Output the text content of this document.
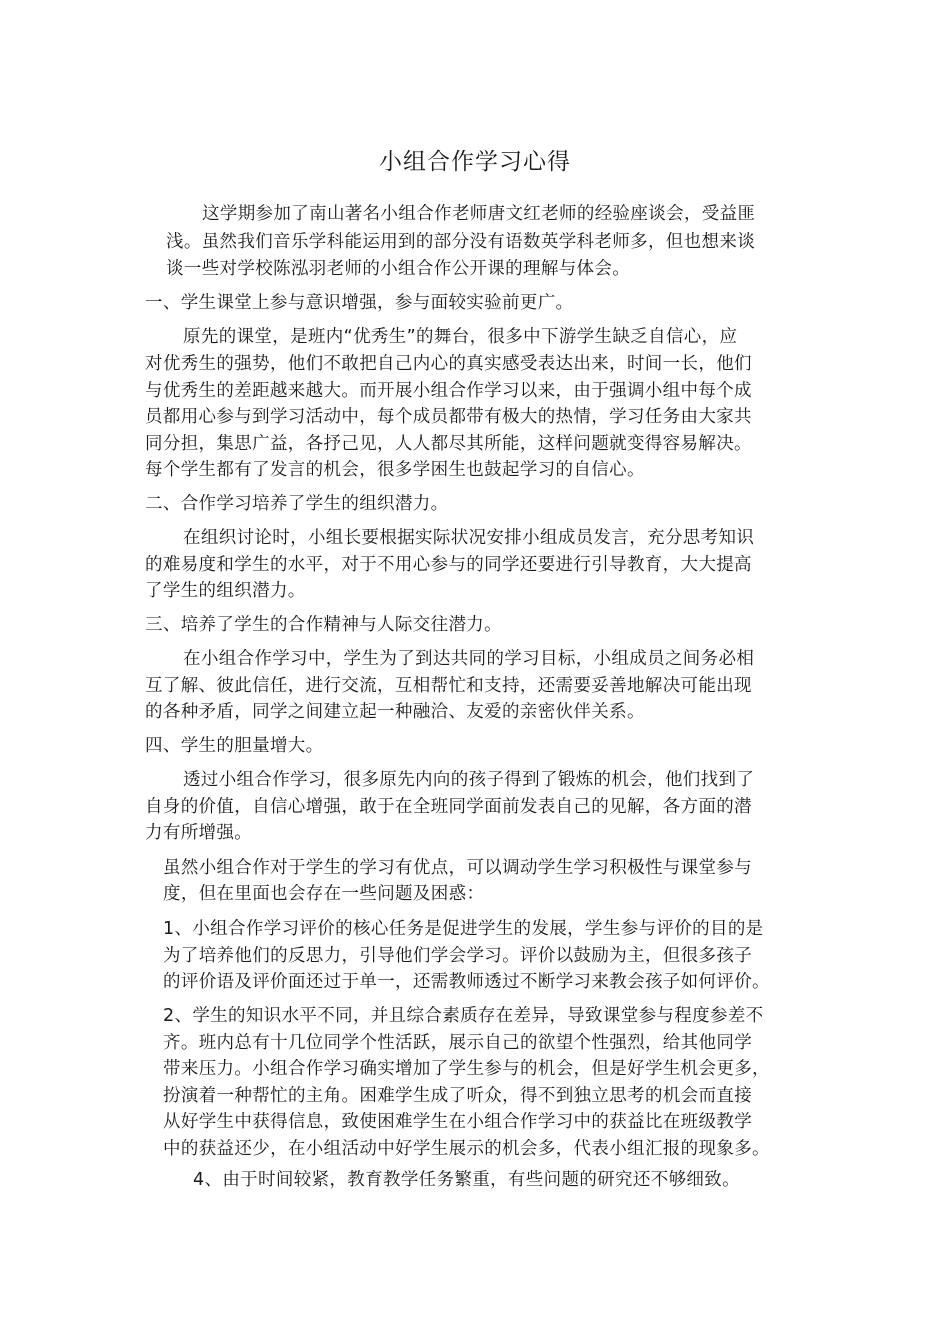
小组合作学习心得
这学期参加了南山著名小组合作老师唐文红老师的经验座谈会，受益匪
浅。虽然我们音乐学科能运用到的部分没有语数英学科老师多，但也想来谈
谈一些对学校陈泓羽老师的小组合作公开课的理解与体会。
一、学生课堂上参与意识增强，参与面较实验前更广。
原先的课堂，是班内“优秀生”的舞台，很多中下游学生缺乏自信心，应
对优秀生的强势，他们不敢把自己内心的真实感受表达出来，时间一长，他们
与优秀生的差距越来越大。而开展小组合作学习以来，由于强调小组中每个成
员都用心参与到学习活动中，每个成员都带有极大的热情，学习任务由大家共
同分担，集思广益，各抒己见，人人都尽其所能，这样问题就变得容易解决。
每个学生都有了发言的机会，很多学困生也鼓起学习的自信心。
二、合作学习培养了学生的组织潜力。
在组织讨论时，小组长要根据实际状况安排小组成员发言，充分思考知识
的难易度和学生的水平，对于不用心参与的同学还要进行引导教育，大大提高
了学生的组织潜力。
三、培养了学生的合作精神与人际交往潜力。
在小组合作学习中，学生为了到达共同的学习目标，小组成员之间务必相
互了解、彼此信任，进行交流，互相帮忙和支持，还需要妥善地解决可能出现
的各种矛盾，同学之间建立起一种融洽、友爱的亲密伙伴关系。
四、学生的胆量增大。
透过小组合作学习，很多原先内向的孩子得到了锻炼的机会，他们找到了
自身的价值，自信心增强，敢于在全班同学面前发表自己的见解，各方面的潜
力有所增强。
虽然小组合作对于学生的学习有优点，可以调动学生学习积极性与课堂参与
度，但在里面也会存在一些问题及困惑：
1、小组合作学习评价的核心任务是促进学生的发展，学生参与评价的目的是
为了培养他们的反思力，引导他们学会学习。评价以鼓励为主，但很多孩子
的评价语及评价面还过于单一，还需教师透过不断学习来教会孩子如何评价。
2、学生的知识水平不同，并且综合素质存在差异，导致课堂参与程度参差不
齐。班内总有十几位同学个性活跃，展示自己的欲望个性强烈，给其他同学
带来压力。小组合作学习确实增加了学生参与的机会，但是好学生机会更多，
扮演着一种帮忙的主角。困难学生成了听众，得不到独立思考的机会而直接
从好学生中获得信息，致使困难学生在小组合作学习中的获益比在班级教学
中的获益还少，在小组活动中好学生展示的机会多，代表小组汇报的现象多。
4、由于时间较紧，教育教学任务繁重，有些问题的研究还不够细致。
